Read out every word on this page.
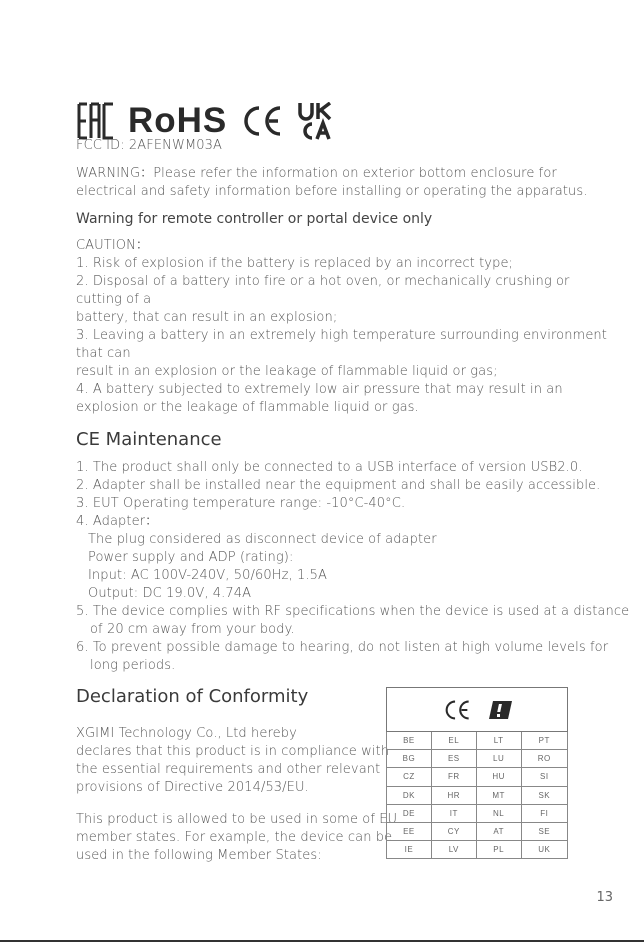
RoHS
FCC ID: 2AFENWM03A
WARNING：Please refer the information on exterior bottom enclosure for
electrical and safety information before installing or operating the apparatus.
Warning for remote controller or portal device only
CAUTION：
1. Risk of explosion if the battery is replaced by an incorrect type;
2. Disposal of a battery into fire or a hot oven, or mechanically crushing or
cutting of a
battery, that can result in an explosion;
3. Leaving a battery in an extremely high temperature surrounding environment
that can
result in an explosion or the leakage of flammable liquid or gas;
4. A battery subjected to extremely low air pressure that may result in an
explosion or the leakage of flammable liquid or gas.
CE Maintenance
1. The product shall only be connected to a USB interface of version USB2.0.
2. Adapter shall be installed near the equipment and shall be easily accessible.
3. EUT Operating temperature range: -10°C-40°C.
4. Adapter：
The plug considered as disconnect device of adapter
Power supply and ADP (rating):
Input: AC 100V-240V, 50/60Hz, 1.5A
Output: DC 19.0V, 4.74A
5. The device complies with RF specifications when the device is used at a distance
of 20 cm away from your body.
6. To prevent possible damage to hearing, do not listen at high volume levels for
long periods.
Declaration of Conformity
XGIMI Technology Co., Ltd hereby
declares that this product is in compliance with
the essential requirements and other relevant
provisions of Directive 2014/53/EU.
This product is allowed to be used in some of EU
member states. For example, the device can be
used in the following Member States:

BE	EL	LT	PT
BG	ES	LU	RO
CZ	FR	HU	SI
DK	HR	MT	SK
DE	IT	NL	FI
EE	CY	AT	SE
IE	LV	PL	UK
13
